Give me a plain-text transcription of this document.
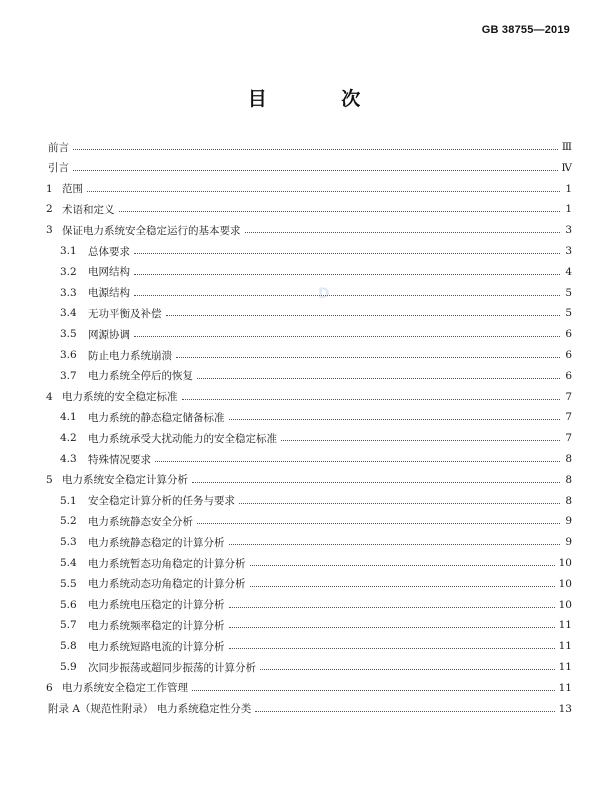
GB 38755—2019
目 次
D
前言	Ⅲ
引言	Ⅳ
1 范围	1
2 术语和定义	1
3 保证电力系统安全稳定运行的基本要求	3
3.1	总体要求	3
3.2	电网结构	4
3.3	电源结构	5
3.4	无功平衡及补偿	5
3.5	网源协调	6
3.6	防止电力系统崩溃	6
3.7	电力系统全停后的恢复	6
4 电力系统的安全稳定标准	7
4.1	电力系统的静态稳定储备标准	7
4.2	电力系统承受大扰动能力的安全稳定标准	7
4.3	特殊情况要求	8
5 电力系统安全稳定计算分析	8
5.1	安全稳定计算分析的任务与要求	8
5.2	电力系统静态安全分析	9
5.3	电力系统静态稳定的计算分析	9
5.4	电力系统暂态功角稳定的计算分析	10
5.5	电力系统动态功角稳定的计算分析	10
5.6	电力系统电压稳定的计算分析	10
5.7	电力系统频率稳定的计算分析	11
5.8	电力系统短路电流的计算分析	11
5.9	次同步振荡或超同步振荡的计算分析	11
6 电力系统安全稳定工作管理	11
附录 A（规范性附录） 电力系统稳定性分类	13
